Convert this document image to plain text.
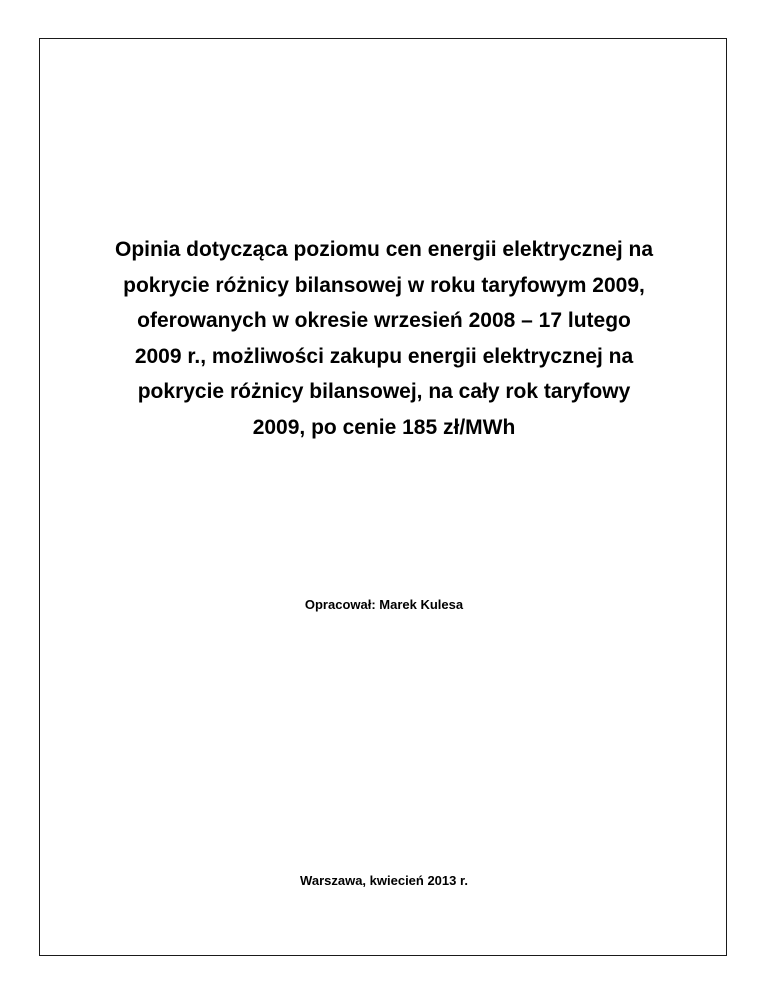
Opinia dotycząca poziomu cen energii elektrycznej na
pokrycie różnicy bilansowej w roku taryfowym 2009,
oferowanych w okresie wrzesień 2008 – 17 lutego
2009 r., możliwości zakupu energii elektrycznej na
pokrycie różnicy bilansowej, na cały rok taryfowy
2009, po cenie 185 zł/MWh
Opracował: Marek Kulesa
Warszawa, kwiecień 2013 r.
